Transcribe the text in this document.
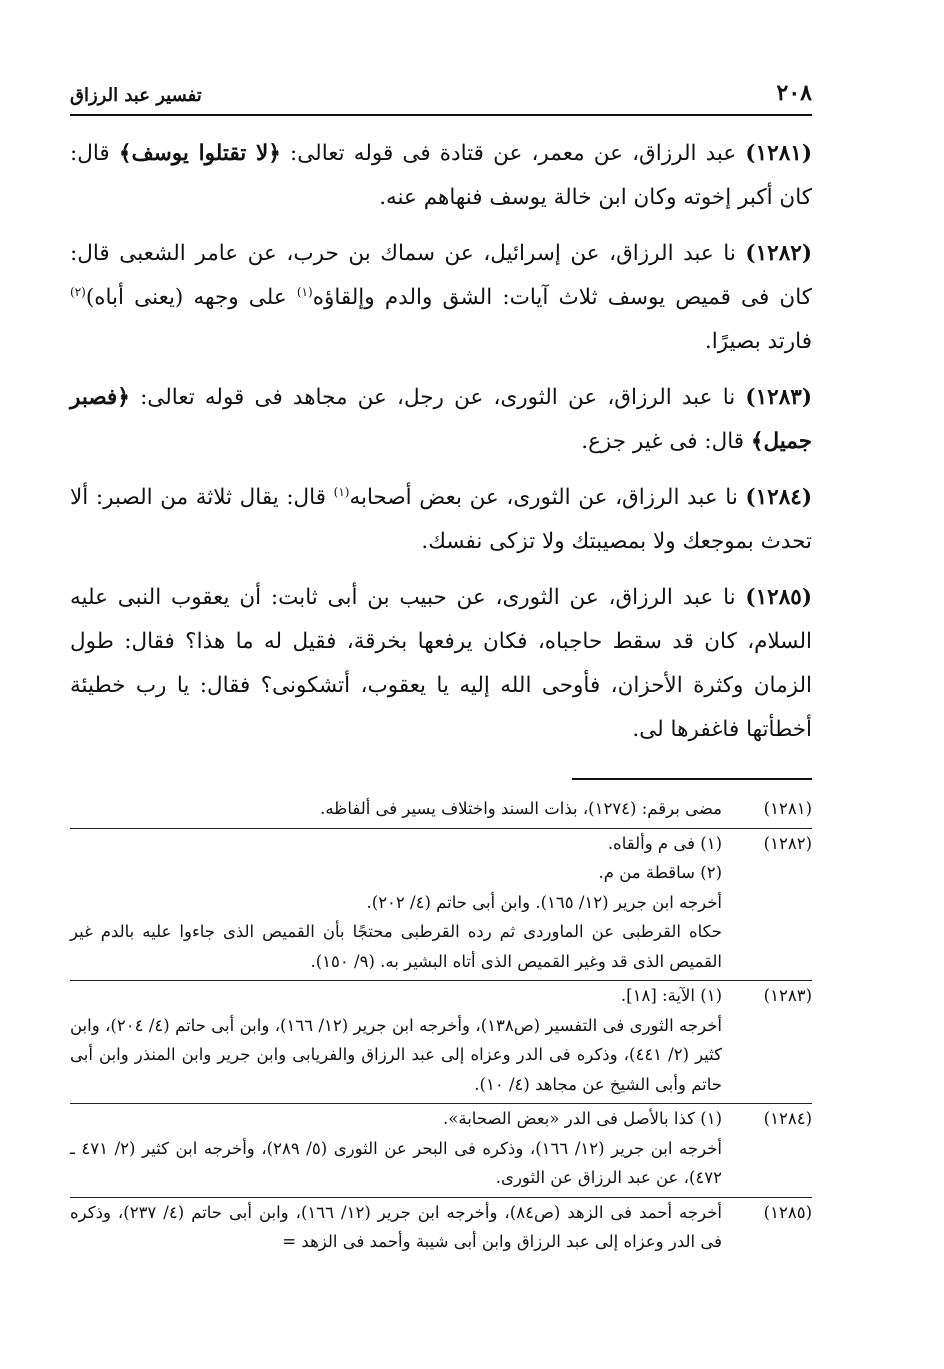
٢٠٨
تفسير عبد الرزاق

(١٢٨١) عبد الرزاق، عن معمر، عن قتادة فى قوله تعالى: ﴿لا تقتلوا يوسف﴾ قال: كان أكبر إخوته وكان ابن خالة يوسف فنهاهم عنه.

(١٢٨٢) نا عبد الرزاق، عن إسرائيل، عن سماك بن حرب، عن عامر الشعبى قال: كان فى قميص يوسف ثلاث آيات: الشق والدم وإلقاؤه$^{(١)}$ على وجهه (يعنى أباه)$^{(٢)}$ فارتد بصيرًا.

(١٢٨٣) نا عبد الرزاق، عن الثورى، عن رجل، عن مجاهد فى قوله تعالى: ﴿فصبر جميل﴾ قال: فى غير جزع.

(١٢٨٤) نا عبد الرزاق، عن الثورى، عن بعض أصحابه$^{(١)}$ قال: يقال ثلاثة من الصبر: ألا تحدث بموجعك ولا بمصيبتك ولا تزكى نفسك.

(١٢٨٥) نا عبد الرزاق، عن الثورى، عن حبيب بن أبى ثابت: أن يعقوب النبى عليه السلام، كان قد سقط حاجباه، فكان يرفعها بخرقة، فقيل له ما هذا؟ فقال: طول الزمان وكثرة الأحزان، فأوحى الله إليه يا يعقوب، أتشكونى؟ فقال: يا رب خطيئة أخطأتها فاغفرها لى.

(١٢٨١)

مضى برقم: (١٢٧٤)، بذات السند واختلاف يسير فى ألفاظه.

(١٢٨٢)

(١) فى م وألقاه.

(٢) ساقطة من م.

أخرجه ابن جرير (١٢/ ١٦٥). وابن أبى حاتم (٤/ ٢٠٢).

حكاه القرطبى عن الماوردى ثم رده القرطبى محتجًا بأن القميص الذى جاءوا عليه بالدم غير القميص الذى قد وغير القميص الذى أتاه البشير به. (٩/ ١٥٠).

(١٢٨٣)

(١) الآية: [١٨].

أخرجه الثورى فى التفسير (ص١٣٨)، وأخرجه ابن جرير (١٢/ ١٦٦)، وابن أبى حاتم (٤/ ٢٠٤)، وابن كثير (٢/ ٤٤١)، وذكره فى الدر وعزاه إلى عبد الرزاق والفريابى وابن جرير وابن المنذر وابن أبى حاتم وأبى الشيخ عن مجاهد (٤/ ١٠).

(١٢٨٤)

(١) كذا بالأصل فى الدر «بعض الصحابة».

أخرجه ابن جرير (١٢/ ١٦٦)، وذكره فى البحر عن الثورى (٥/ ٢٨٩)، وأخرجه ابن كثير (٢/ ٤٧١ ـ ٤٧٢)، عن عبد الرزاق عن الثورى.

(١٢٨٥)

أخرجه أحمد فى الزهد (ص٨٤)، وأخرجه ابن جرير (١٢/ ١٦٦)، وابن أبى حاتم (٤/ ٢٣٧)، وذكره فى الدر وعزاه إلى عبد الرزاق وابن أبى شيبة وأحمد فى الزهد =
